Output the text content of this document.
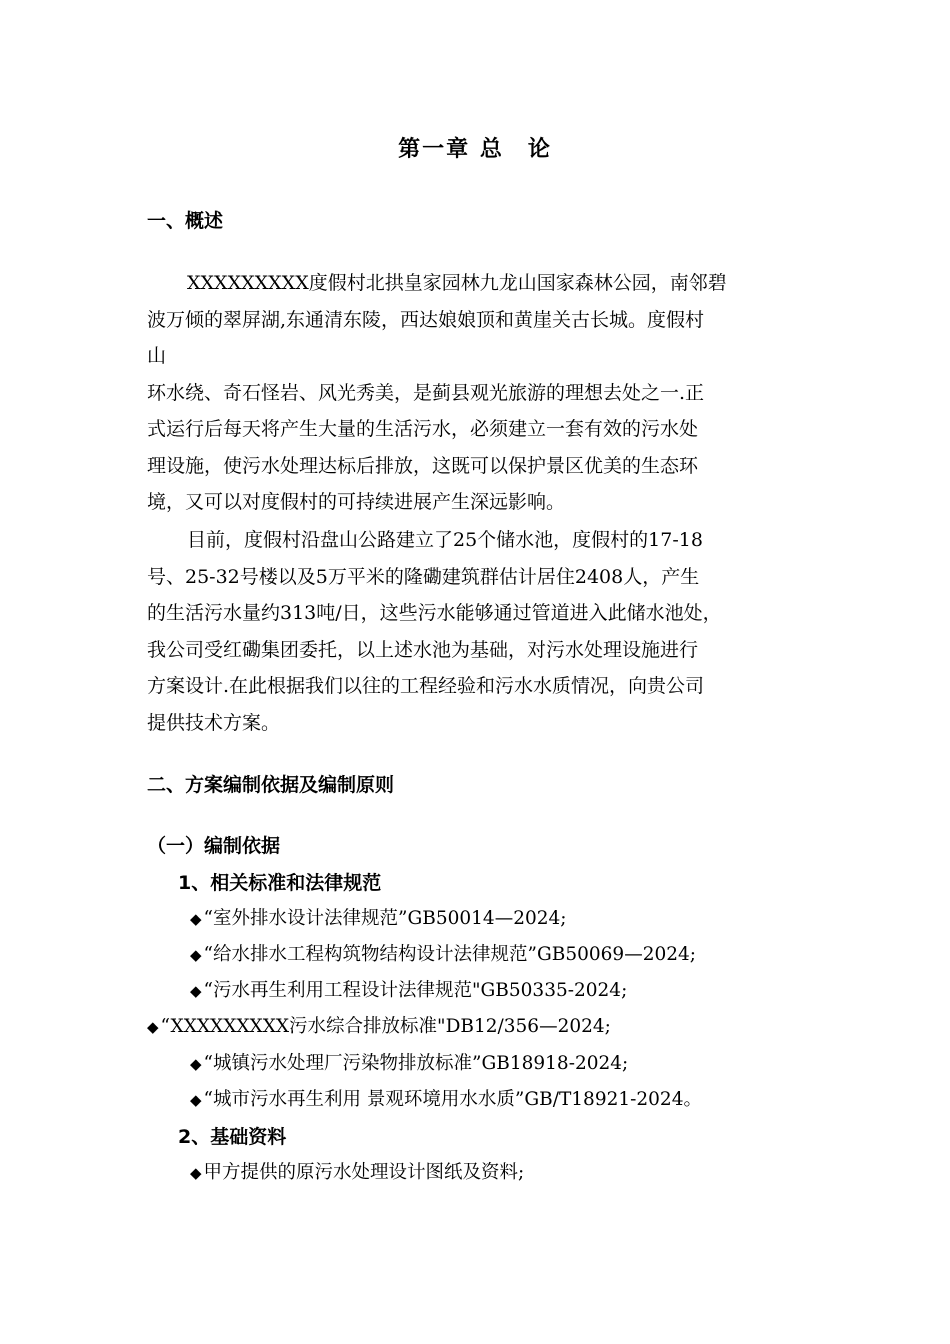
第一章 总　论
一、概述
XXXXXXXXX度假村北拱皇家园林九龙山国家森林公园，南邻碧
波万倾的翠屏湖,东通清东陵，西达娘娘顶和黄崖关古长城。度假村
山
环水绕、奇石怪岩、风光秀美，是蓟县观光旅游的理想去处之一.正
式运行后每天将产生大量的生活污水，必须建立一套有效的污水处
理设施，使污水处理达标后排放，这既可以保护景区优美的生态环
境，又可以对度假村的可持续进展产生深远影响。
目前，度假村沿盘山公路建立了25个储水池，度假村的17-18
号、25-32号楼以及5万平米的隆磡建筑群估计居住2408人，产生
的生活污水量约313吨/日，这些污水能够通过管道进入此储水池处，
我公司受红磡集团委托，以上述水池为基础，对污水处理设施进行
方案设计.在此根据我们以往的工程经验和污水水质情况，向贵公司
提供技术方案。
二、方案编制依据及编制原则
（一）编制依据
1、相关标准和法律规范
◆ “室外排水设计法律规范”GB50014—2024;
◆ “给水排水工程构筑物结构设计法律规范”GB50069—2024;
◆ “污水再生利用工程设计法律规范"GB50335-2024;
◆ “XXXXXXXXX污水综合排放标准"DB12/356—2024;
◆ “城镇污水处理厂污染物排放标准”GB18918-2024;
◆ “城市污水再生利用 景观环境用水水质”GB/T18921-2024。
2、基础资料
◆ 甲方提供的原污水处理设计图纸及资料;
